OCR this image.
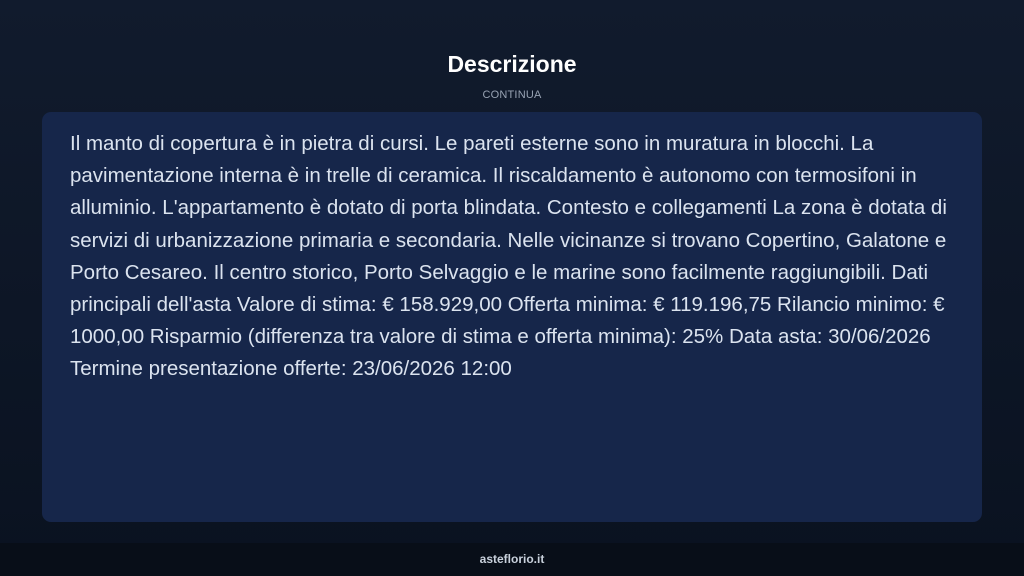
Descrizione
CONTINUA

Il manto di copertura è in pietra di cursi. Le pareti esterne sono in muratura in blocchi. La pavimentazione interna è in trelle di ceramica. Il riscaldamento è autonomo con termosifoni in alluminio. L'appartamento è dotato di porta blindata. Contesto e collegamenti La zona è dotata di servizi di urbanizzazione primaria e secondaria. Nelle vicinanze si trovano Copertino, Galatone e Porto Cesareo. Il centro storico, Porto Selvaggio e le marine sono facilmente raggiungibili. Dati principali dell'asta Valore di stima: € 158.929,00 Offerta minima: € 119.196,75 Rilancio minimo: € 1000,00 Risparmio (differenza tra valore di stima e offerta minima): 25% Data asta: 30/06/2026 Termine presentazione offerte: 23/06/2026 12:00

asteflorio.it
